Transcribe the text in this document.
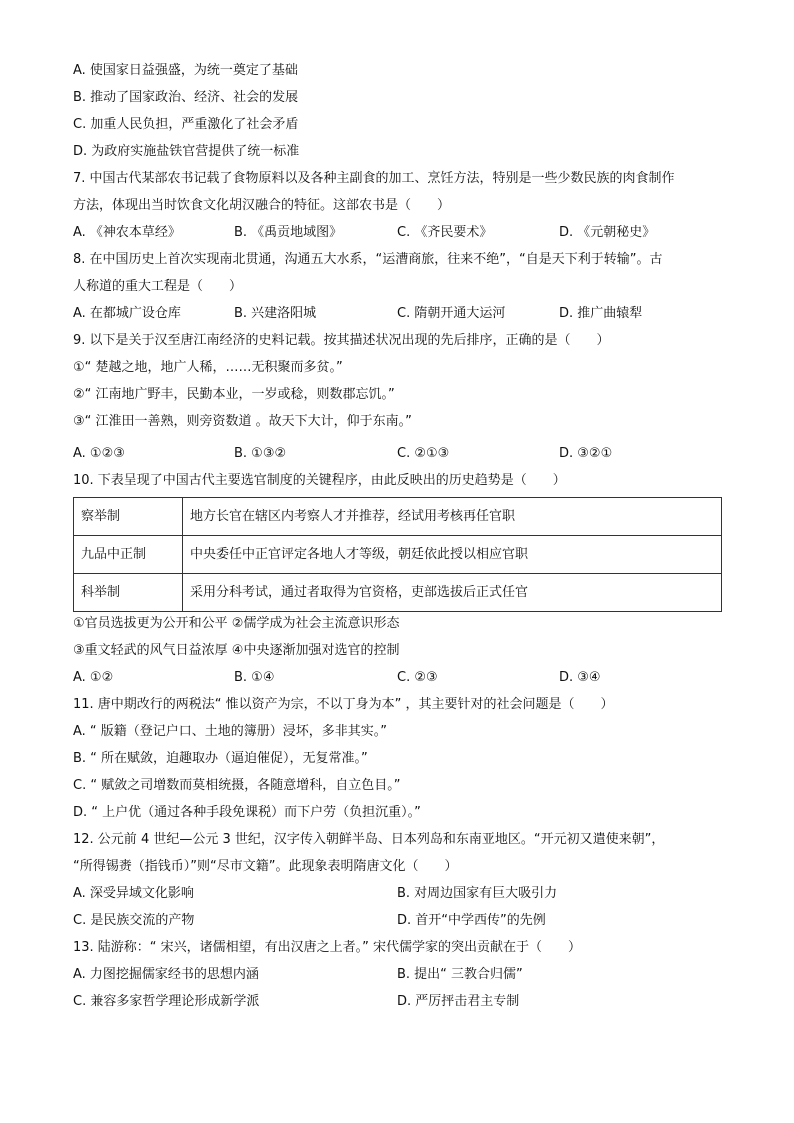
A. 使国家日益强盛，为统一奠定了基础
B. 推动了国家政治、经济、社会的发展
C. 加重人民负担，严重激化了社会矛盾
D. 为政府实施盐铁官营提供了统一标准
7. 中国古代某部农书记载了食物原料以及各种主副食的加工、烹饪方法，特别是一些少数民族的肉食制作
方法，体现出当时饮食文化胡汉融合的特征。这部农书是（　　）
A. 《神农本草经》	B. 《禹贡地域图》	C. 《齐民要术》	D. 《元朝秘史》
8. 在中国历史上首次实现南北贯通，沟通五大水系，“运漕商旅，往来不绝”，“自是天下利于转输”。古
人称道的重大工程是（　　）
A. 在都城广设仓库	B. 兴建洛阳城	C. 隋朝开通大运河	D. 推广曲辕犁
9. 以下是关于汉至唐江南经济的史料记载。按其描述状况出现的先后排序，正确的是（　　）
①“ 楚越之地，地广人稀，……无积聚而多贫。”
②“ 江南地广野丰，民勤本业，一岁或稔，则数郡忘饥。”
③“ 江淮田一善熟，则旁资数道 。故天下大计，仰于东南。”
A. ①②③	B. ①③②	C. ②①③	D. ③②①
10. 下表呈现了中国古代主要选官制度的关键程序，由此反映出的历史趋势是（　　）
察举制	地方长官在辖区内考察人才并推荐，经试用考核再任官职
九品中正制	中央委任中正官评定各地人才等级，朝廷依此授以相应官职
科举制	采用分科考试，通过者取得为官资格，吏部选拔后正式任官
①官员选拔更为公开和公平 ②儒学成为社会主流意识形态
③重文轻武的风气日益浓厚 ④中央逐渐加强对选官的控制
A. ①②	B. ①④	C. ②③	D. ③④
11. 唐中期改行的两税法“ 惟以资产为宗，不以丁身为本” ，其主要针对的社会问题是（　　）
A. “ 版籍（登记户口、土地的簿册）浸坏，多非其实。”
B. “ 所在赋敛，迫趣取办（逼迫催促），无复常准。”
C. “ 赋敛之司增数而莫相统摄，各随意增科，自立色目。”
D. “ 上户优（通过各种手段免课税）而下户劳（负担沉重）。”
12. 公元前 4 世纪—公元 3 世纪，汉字传入朝鲜半岛、日本列岛和东南亚地区。“开元初又遣使来朝”，
“所得锡赉（指钱币）”则“尽市文籍”。此现象表明隋唐文化（　　）
A. 深受异域文化影响	B. 对周边国家有巨大吸引力
C. 是民族交流的产物	D. 首开“中学西传”的先例
13. 陆游称：“ 宋兴，诸儒相望，有出汉唐之上者。” 宋代儒学家的突出贡献在于（　　）
A. 力图挖掘儒家经书的思想内涵	B. 提出“ 三教合归儒”
C. 兼容多家哲学理论形成新学派	D. 严厉抨击君主专制
